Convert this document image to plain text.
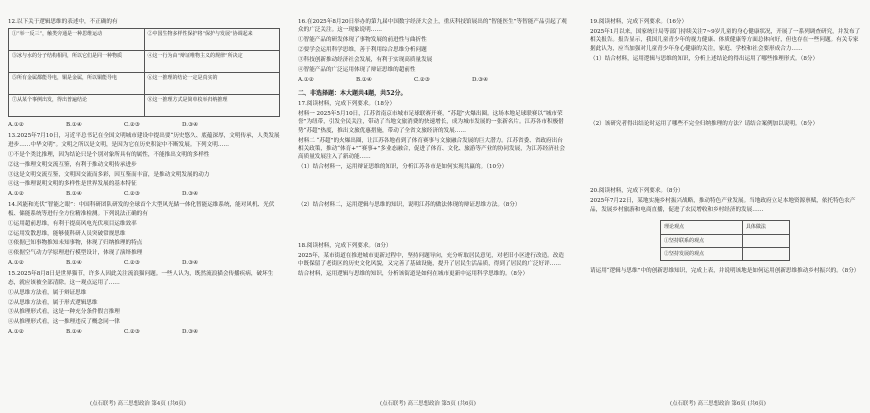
12.以下关于逻辑思维的表述中，不正确的有

①“举一反三”，触类旁通是一种思维运动	②中国生物多样性保护将“保护与发展”协调起来
③冰与水的分子结构相同，所以它们是同一种物质	④这一行为由“辩证唯物主义的规律”所决定
⑤所有金属都能导电，铜是金属，所以铜能导电	⑥这一推理的结论一定是真实的
⑦从某个事例出发，得出普遍结论	⑧这一推理方式是简单枚举归纳推理
A.①②	B.①④	C.②③	D.③④

13.2025年7月10日，习近平总书记在全国文明城市建设中提出要“历史悠久、底蕴深厚，文明传承，人类发展进步……中华文明”。文明之所以是文明，是因为它在历史积淀中不断发展。下列文明……

①不是个类比推理，因为结论只是个别对象所具有的属性，不能推出文明的多样性

②这一推理文明交流互鉴，有利于推动文明传承进步

③这是文明交流互鉴，文明因交流而多彩，因互鉴而丰富，是推动文明发展的动力

④这一推理说明文明的多样性是世界发展的基本特征

A.①②	B.①④	C.②③	D.③④

14.风能和光伏“智能之眼”：中国科研团队研发的全球首个大型风光储一体化智能运维系统，能对风机、光伏板、储能系统等进行全方位精准检测。下列说法正确的有

①运用超前思维，有利于提高风电光伏项目运维效率

②运用发散思维，能够使科研人员突破常规思维

③依据已知事物推知未知事物，体现了归纳推理的特点

④依据空气动力学原理进行模型设计，体现了演绎推理

A.①②	B.①④	C.②③	D.③④

15.2025年8月8日是世界猫节，许多人因此关注流浪猫问题。一些人认为，既然流浪猫会传播疾病，破坏生态，就应该被全部清除。这一观点运用了……

①从思维方法看，属于辩证思维

②从思维方法看，属于形式逻辑思维

③从推理形式看，这是一种充分条件假言推理

④从推理形式看，这一推理违反了概念同一律

A.①②	B.①④	C.②③	D.③④

16.在2025年8月20日举办的第九届中国数字经济大会上，重庆科技馆展出的“智能医生”等智能产品引起了观众的广泛关注。这一现象说明……

①智能产品的研发体现了事物发展的前进性与曲折性

②要学会运用科学思维，善于利用综合思维分析问题

③科技创新推动经济社会发展，有利于实现高质量发展

④智能产品的广泛运用体现了辩证思维的超前性

A.①②	B.①④	C.②③	D.③④
二、非选择题：本大题共4题，共52分。

17.阅读材料，完成下列要求。（18分）

材料一 2025年5月10日，江苏省南京市城市足球联赛开赛，“苏超”火爆出圈。这场本地足球联赛以“城市荣誉”为纽带，引发全民关注，带动了当地文旅消费的快速增长，成为城市发展的一张新名片。江苏各市积极借势“苏超”热度，推出文旅优惠措施，带动了全省文旅经济的发展……

材料二 “苏超”的火爆出圈，让江苏各地看到了体育赛事与文旅融合发展的巨大潜力。江苏省委、省政府出台相关政策，推动“体育+”“赛事+”多业态融合，促进了体育、文化、旅游等产业的协同发展，为江苏经济社会高质量发展注入了新动能……

（1）结合材料一，运用辩证思维的知识，分析江苏各市是如何实现共赢的。（10分）

（2）结合材料二，运用逻辑与思维的知识，说明江苏的做法体现的辩证思维方法。（8分）

18.阅读材料，完成下列要求。（8分）

2025年，某市街道在推进城市更新过程中，坚持问题导向，充分听取居民意见，对老旧小区进行改造。改造中既保留了老街区的历史文化风貌，又完善了基础设施，提升了居民生活品质，得到了居民的广泛好评……

结合材料，运用逻辑与思维的知识，分析该街道是如何在城市更新中运用科学思维的。（8分）

19.阅读材料，完成下列要求。（16分）

2025年1月以来，国家统计局等部门持续关注7~9岁儿童的身心健康状况，开展了一系列调查研究，并发布了相关报告。报告显示，我国儿童青少年的视力健康、体质健康等方面总体向好，但也存在一些问题。有关专家据此认为，应当加强对儿童青少年身心健康的关注，家庭、学校和社会要形成合力……

（1）结合材料，运用逻辑与思维的知识，分析上述结论的得出运用了哪些推理形式。（8分）

（2）该研究者得出结论时运用了哪些不完全归纳推理的方法？请结合案例加以说明。（8分）

20.阅读材料，完成下列要求。（8分）

2025年7月22日，某地实施乡村振兴战略，推动特色产业发展。当地政府立足本地资源禀赋，依托特色农产品，发展乡村旅游和电商直播，促进了农民增收和乡村经济的发展……

理论观点	具体做法
①坚持联系的观点	
②坚持发展的观点	

请运用“逻辑与思维”中的创新思维知识，完成上表，并说明该地是如何运用创新思维推动乡村振兴的。（8分）

(点石联考) 高三思想政治 第4页 (共6页)	(点石联考) 高三思想政治 第5页 (共6页)	(点石联考) 高三思想政治 第6页 (共6页)
